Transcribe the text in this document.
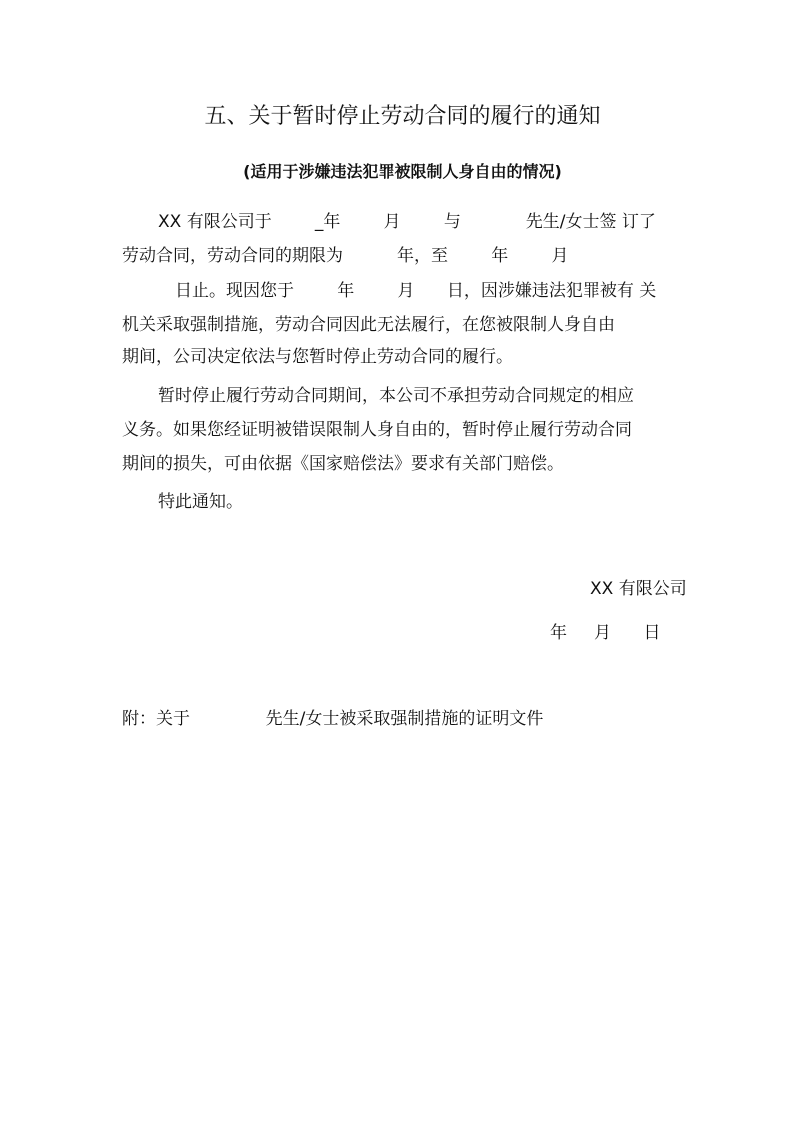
五、关于暂时停止劳动合同的履行的通知
(适用于涉嫌违法犯罪被限制人身自由的情况)
XX 有限公司于        _年        月        与            先生/女士签 订了
劳动合同，劳动合同的期限为          年，至        年        月
日止。现因您于        年        月      日，因涉嫌违法犯罪被有 关
机关采取强制措施，劳动合同因此无法履行，在您被限制人身自由
期间，公司决定依法与您暂时停止劳动合同的履行。
暂时停止履行劳动合同期间，本公司不承担劳动合同规定的相应
义务。如果您经证明被错误限制人身自由的，暂时停止履行劳动合同
期间的损失，可由依据《国家赔偿法》要求有关部门赔偿。
特此通知。
XX 有限公司
年     月      日
附：关于              先生/女士被采取强制措施的证明文件
